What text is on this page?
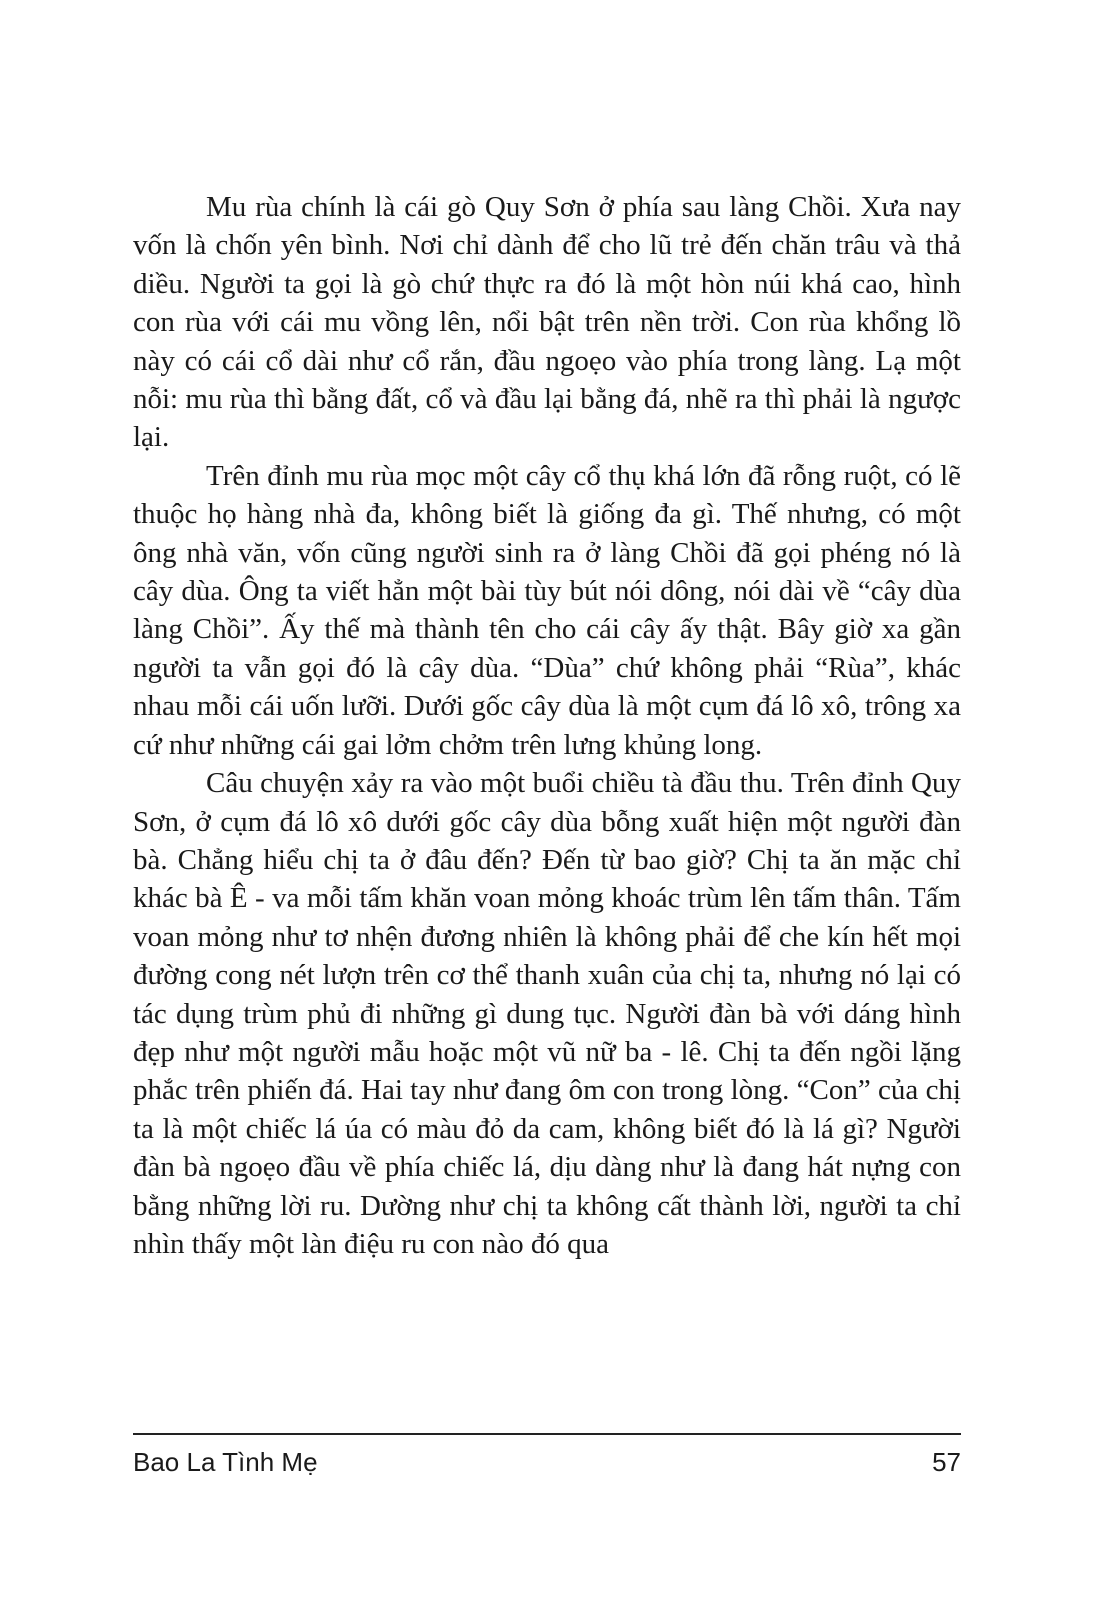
Mu rùa chính là cái gò Quy Sơn ở phía sau làng Chồi. Xưa nay vốn là chốn yên bình. Nơi chỉ dành để cho lũ trẻ đến chăn trâu và thả diều. Người ta gọi là gò chứ thực ra đó là một hòn núi khá cao, hình con rùa với cái mu vồng lên, nổi bật trên nền trời. Con rùa khổng lồ này có cái cổ dài như cổ rắn, đầu ngoẹo vào phía trong làng. Lạ một nỗi: mu rùa thì bằng đất, cổ và đầu lại bằng đá, nhẽ ra thì phải là ngược lại.

Trên đỉnh mu rùa mọc một cây cổ thụ khá lớn đã rỗng ruột, có lẽ thuộc họ hàng nhà đa, không biết là giống đa gì. Thế nhưng, có một ông nhà văn, vốn cũng người sinh ra ở làng Chồi đã gọi phéng nó là cây dùa. Ông ta viết hẳn một bài tùy bút nói dông, nói dài về “cây dùa làng Chồi”. Ấy thế mà thành tên cho cái cây ấy thật. Bây giờ xa gần người ta vẫn gọi đó là cây dùa. “Dùa” chứ không phải “Rùa”, khác nhau mỗi cái uốn lưỡi. Dưới gốc cây dùa là một cụm đá lô xô, trông xa cứ như những cái gai lởm chởm trên lưng khủng long.

Câu chuyện xảy ra vào một buổi chiều tà đầu thu. Trên đỉnh Quy Sơn, ở cụm đá lô xô dưới gốc cây dùa bỗng xuất hiện một người đàn bà. Chẳng hiểu chị ta ở đâu đến? Đến từ bao giờ? Chị ta ăn mặc chỉ khác bà Ê - va mỗi tấm khăn voan mỏng khoác trùm lên tấm thân. Tấm voan mỏng như tơ nhện đương nhiên là không phải để che kín hết mọi đường cong nét lượn trên cơ thể thanh xuân của chị ta, nhưng nó lại có tác dụng trùm phủ đi những gì dung tục. Người đàn bà với dáng hình đẹp như một người mẫu hoặc một vũ nữ ba - lê. Chị ta đến ngồi lặng phắc trên phiến đá. Hai tay như đang ôm con trong lòng. “Con” của chị ta là một chiếc lá úa có màu đỏ da cam, không biết đó là lá gì? Người đàn bà ngoẹo đầu về phía chiếc lá, dịu dàng như là đang hát nựng con bằng những lời ru. Dường như chị ta không cất thành lời, người ta chỉ nhìn thấy một làn điệu ru con nào đó qua

Bao La Tình Mẹ	57
